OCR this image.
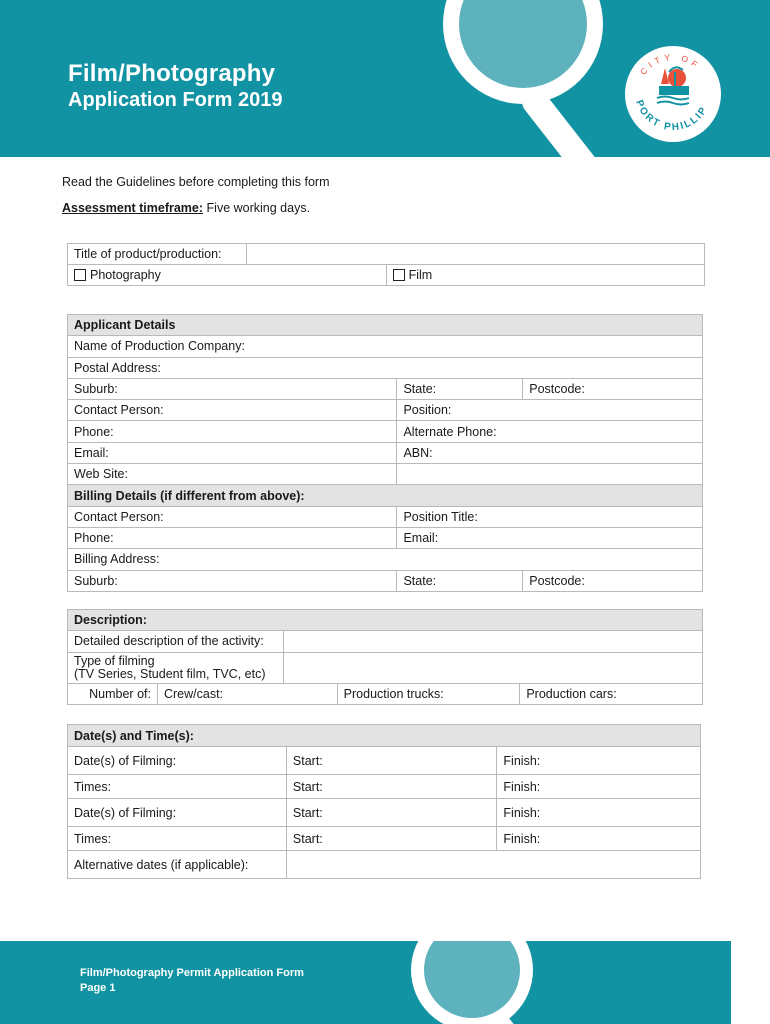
Film/Photography
Application Form 2019
CITY OF
PORT PHILLIP
Read the Guidelines before completing this form
Assessment timeframe: Five working days.
Title of product/production:		
Photography		Film
Applicant Details		
Name of Production Company:		
Postal Address:		
Suburb:	State:	Postcode:
Contact Person:	Position:	
Phone:	Alternate Phone:	
Email:	ABN:	
Web Site:		
Billing Details (if different from above):		
Contact Person:	Position Title:	
Phone:	Email:	
Billing Address:		
Suburb:	State:	Postcode:
Description:				
Detailed description of the activity:				

Type of filming
(TV Series, Student film, TVC, etc)				

Number of:	Crew/cast:		Production trucks:	Production cars:
Date(s) and Time(s):		
Date(s) of Filming:	Start:	Finish:
Times:	Start:	Finish:
Date(s) of Filming:	Start:	Finish:
Times:	Start:	Finish:
Alternative dates (if applicable):		
Film/Photography Permit Application Form
Page 1
